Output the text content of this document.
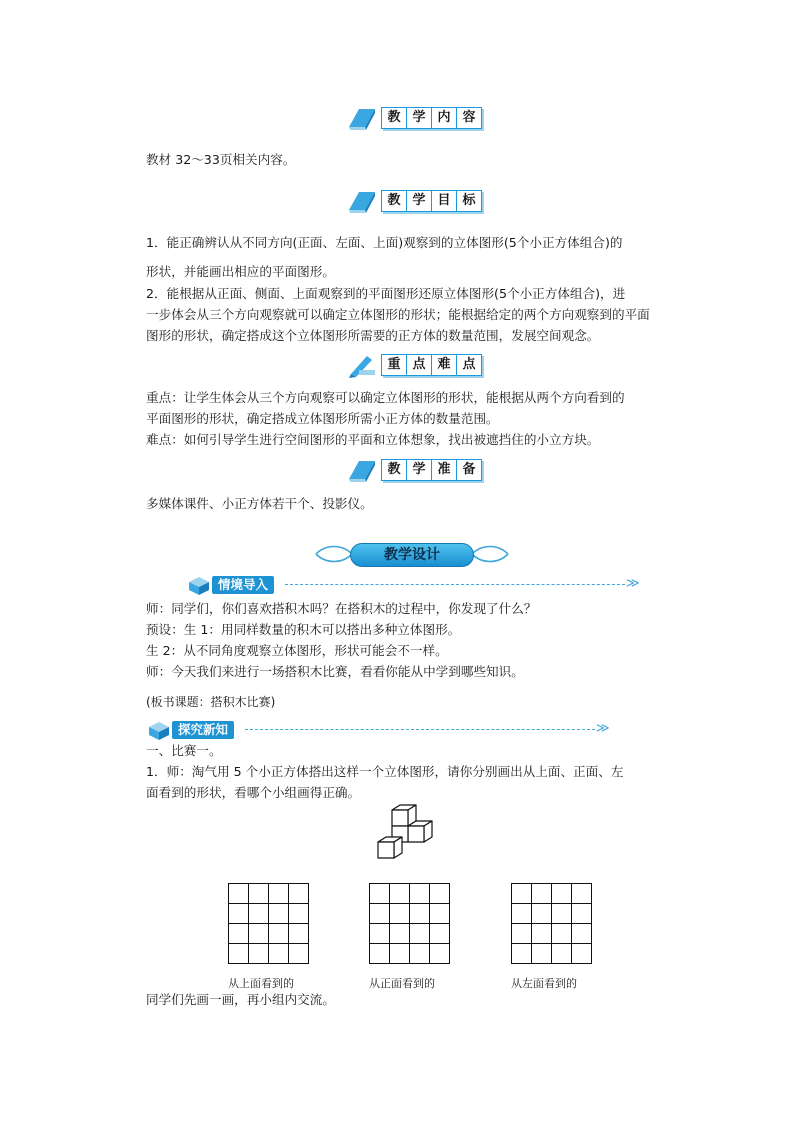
教 学 内 容
教材 32～33页相关内容。
教 学 目 标
1．能正确辨认从不同方向(正面、左面、上面)观察到的立体图形(5个小正方体组合)的
形状，并能画出相应的平面图形。
2．能根据从正面、侧面、上面观察到的平面图形还原立体图形(5个小正方体组合)，进
一步体会从三个方向观察就可以确定立体图形的形状；能根据给定的两个方向观察到的平面
图形的形状，确定搭成这个立体图形所需要的正方体的数量范围，发展空间观念。
重 点 难 点
重点：让学生体会从三个方向观察可以确定立体图形的形状，能根据从两个方向看到的
平面图形的形状，确定搭成立体图形所需小正方体的数量范围。
难点：如何引导学生进行空间图形的平面和立体想象，找出被遮挡住的小立方块。
教 学 准 备
多媒体课件、小正方体若干个、投影仪。
教学设计
情境导入	≫
师：同学们，你们喜欢搭积木吗？在搭积木的过程中，你发现了什么？
预设：生 1：用同样数量的积木可以搭出多种立体图形。
生 2：从不同角度观察立体图形，形状可能会不一样。
师：今天我们来进行一场搭积木比赛，看看你能从中学到哪些知识。
(板书课题：搭积木比赛)
探究新知	≫
一、比赛一。
1．师：淘气用 5 个小正方体搭出这样一个立体图形，请你分别画出从上面、正面、左
面看到的形状，看哪个小组画得正确。
从上面看到的	从正面看到的	从左面看到的
同学们先画一画，再小组内交流。
